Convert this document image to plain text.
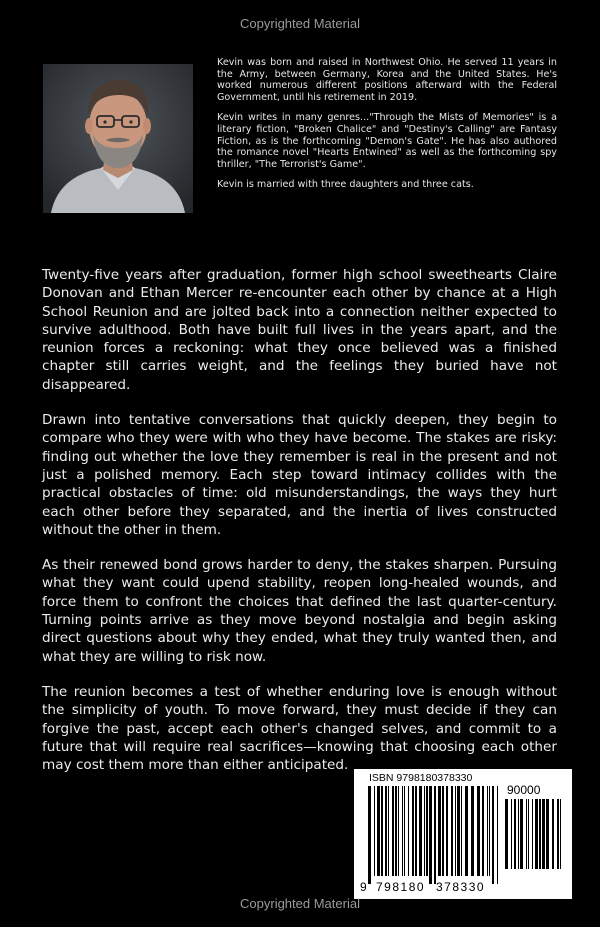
Copyrighted Material

Kevin was born and raised in Northwest Ohio. He served 11 years in the Army, between Germany, Korea and the United States. He's worked numerous different positions afterward with the Federal Government, until his retirement in 2019.

Kevin writes in many genres..."Through the Mists of Memories" is a literary fiction, "Broken Chalice" and "Destiny's Calling" are Fantasy Fiction, as is the forthcoming "Demon's Gate". He has also authored the romance novel "Hearts Entwined" as well as the forthcoming spy thriller, "The Terrorist's Game".

Kevin is married with three daughters and three cats.

Twenty-five years after graduation, former high school sweethearts Claire Donovan and Ethan Mercer re-encounter each other by chance at a High School Reunion and are jolted back into a connection neither expected to survive adulthood. Both have built full lives in the years apart, and the reunion forces a reckoning: what they once believed was a finished chapter still carries weight, and the feelings they buried have not disappeared.

Drawn into tentative conversations that quickly deepen, they begin to compare who they were with who they have become. The stakes are risky: finding out whether the love they remember is real in the present and not just a polished memory. Each step toward intimacy collides with the practical obstacles of time: old misunderstandings, the ways they hurt each other before they separated, and the inertia of lives constructed without the other in them.

As their renewed bond grows harder to deny, the stakes sharpen. Pursuing what they want could upend stability, reopen long-healed wounds, and force them to confront the choices that defined the last quarter-century. Turning points arrive as they move beyond nostalgia and begin asking direct questions about why they ended, what they truly wanted then, and what they are willing to risk now.

The reunion becomes a test of whether enduring love is enough without the simplicity of youth. To move forward, they must decide if they can forgive the past, accept each other's changed selves, and commit to a future that will require real sacrifices—knowing that choosing each other may cost them more than either anticipated.

ISBN 9798180378330
90000
9 798180 378330
Copyrighted Material
